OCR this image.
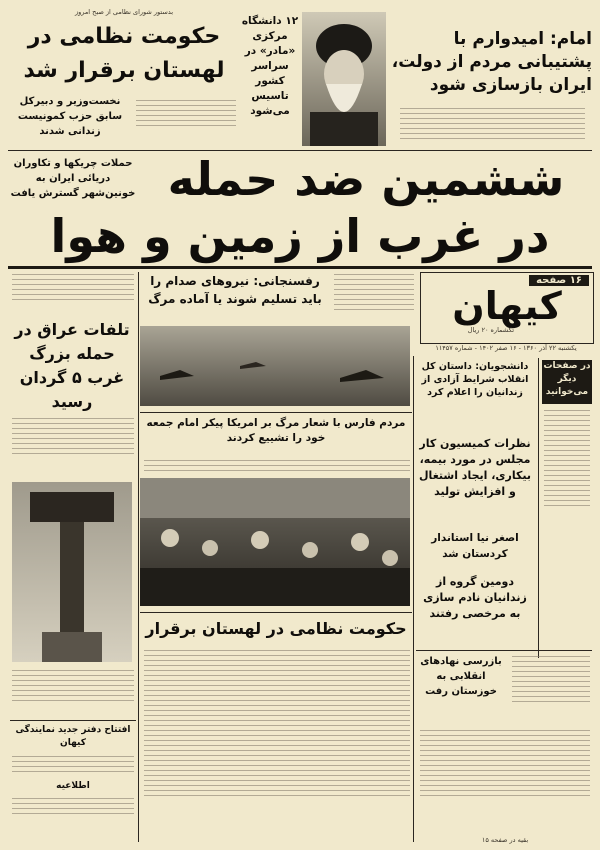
امام: امیدوارم با پشتیبانی مردم از دولت، ایران بازسازی شود
۱۲ دانشگاه مرکزی «مادر» در سراسر کشور تاسیس می‌شود
بدستور شورای نظامی از صبح امروز
حکومت نظامی در لهستان برقرار شد
نخست‌وزیر و دبیرکل سابق حزب کمونیست زندانی شدند
حملات چریکها و تکاوران دریائی ایران به خونین‌شهر گسترش یافت	ششمین ضد حمله
در غرب از زمین و هوا
۱۶ صفحه
کیهان
یکشنبه ۲۲ آذر ۱۳۶۰ - ۱۶ صفر ۱۴۰۲ - شماره ۱۱۴۵۷
تکشماره ۲۰ ریال
رفسنجانی: نیروهای صدام را باید تسلیم شوند یا آماده مرگ
تلفات عراق در حمله بزرگ غرب ۵ گردان رسید
دانشجویان: داستان کل انقلاب شرایط آزادی از زندانیان را اعلام کرد
در صفحات دیگر می‌خوانید
مردم فارس با شعار مرگ بر امریکا پیکر امام جمعه خود را تشییع کردند	نظرات کمیسیون کار مجلس در مورد بیمه، بیکاری، ایجاد اشتغال و افزایش تولید
اصغر نیا استاندار کردستان شد
دومین گروه از زندانیان نادم سازی به مرخصی رفتند
حکومت نظامی در لهستان برقرار
افتتاح دفتر جدید نمایندگی کیهان
اطلاعیه
بازرسی نهادهای انقلابی به خوزستان رفت
بقیه در صفحه ۱۵
